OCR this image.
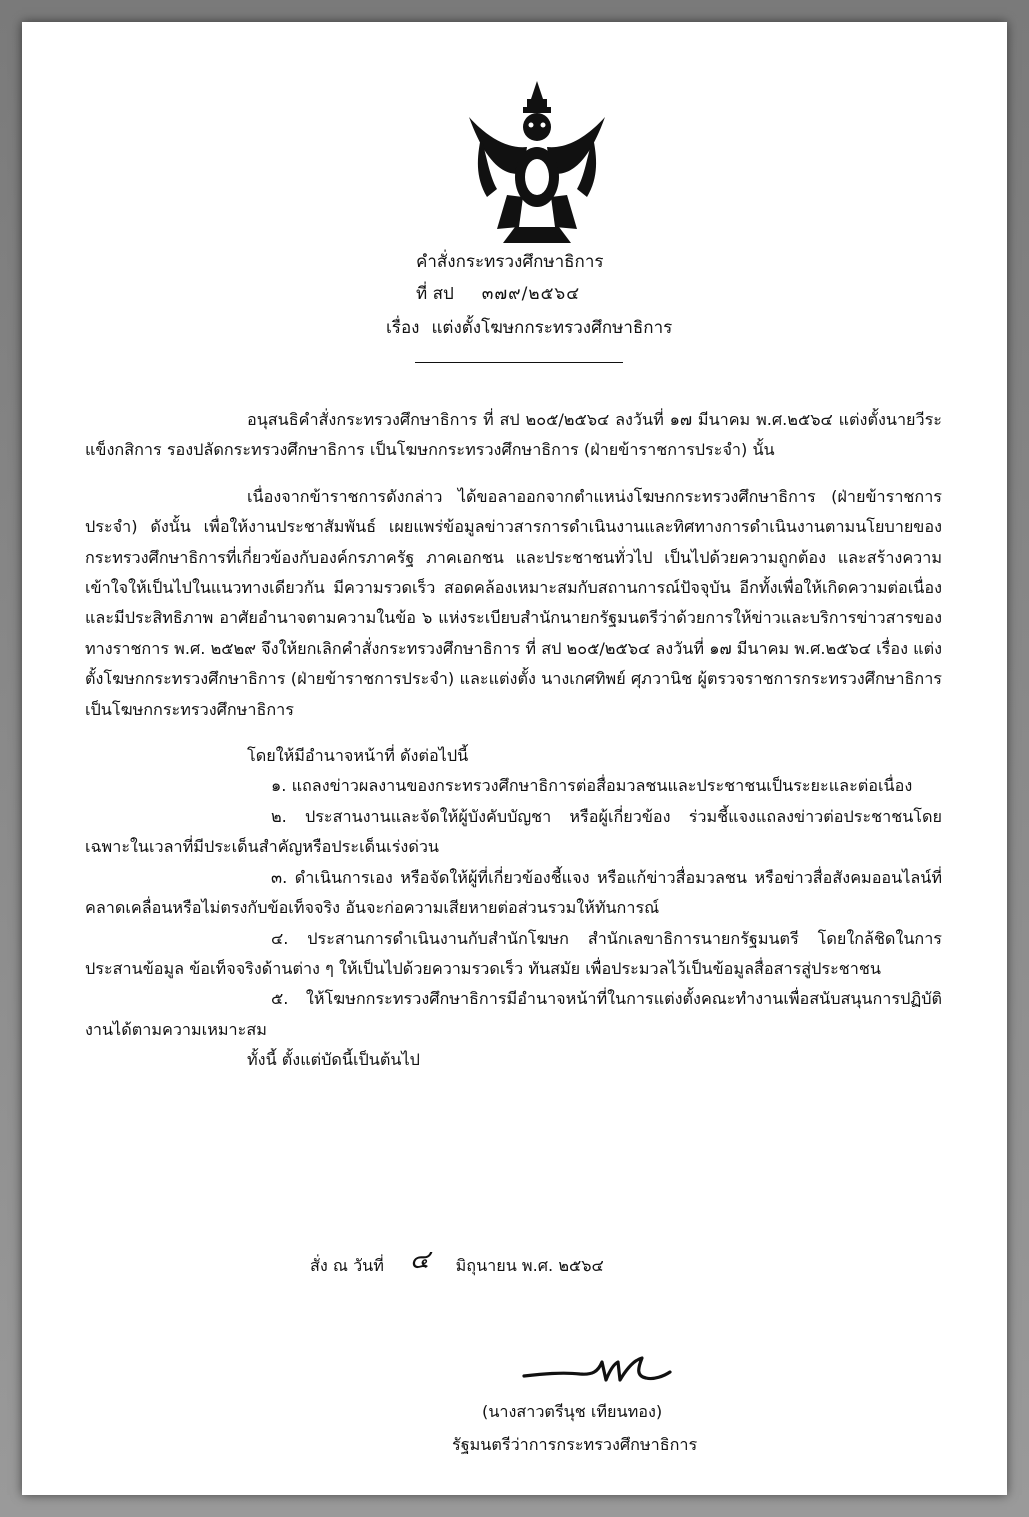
คำสั่งกระทรวงศึกษาธิการ
ที่ สป ๓๗๙/๒๕๖๔
เรื่อง แต่งตั้งโฆษกกระทรวงศึกษาธิการ

อนุสนธิคำสั่งกระทรวงศึกษาธิการ ที่ สป ๒๐๕/๒๕๖๔ ลงวันที่ ๑๗ มีนาคม พ.ศ.๒๕๖๔ แต่งตั้งนายวีระ แข็งกสิการ รองปลัดกระทรวงศึกษาธิการ เป็นโฆษกกระทรวงศึกษาธิการ (ฝ่ายข้าราชการประจำ) นั้น

เนื่องจากข้าราชการดังกล่าว ได้ขอลาออกจากตำแหน่งโฆษกกระทรวงศึกษาธิการ (ฝ่ายข้าราชการประจำ) ดังนั้น เพื่อให้งานประชาสัมพันธ์ เผยแพร่ข้อมูลข่าวสารการดำเนินงานและทิศทางการดำเนินงานตามนโยบายของกระทรวงศึกษาธิการที่เกี่ยวข้องกับองค์กรภาครัฐ ภาคเอกชน และประชาชนทั่วไป เป็นไปด้วยความถูกต้อง และสร้างความเข้าใจให้เป็นไปในแนวทางเดียวกัน มีความรวดเร็ว สอดคล้องเหมาะสมกับสถานการณ์ปัจจุบัน อีกทั้งเพื่อให้เกิดความต่อเนื่องและมีประสิทธิภาพ อาศัยอำนาจตามความในข้อ ๖ แห่งระเบียบสำนักนายกรัฐมนตรีว่าด้วยการให้ข่าวและบริการข่าวสารของทางราชการ พ.ศ. ๒๕๒๙ จึงให้ยกเลิกคำสั่งกระทรวงศึกษาธิการ ที่ สป ๒๐๕/๒๕๖๔ ลงวันที่ ๑๗ มีนาคม พ.ศ.๒๕๖๔ เรื่อง แต่งตั้งโฆษกกระทรวงศึกษาธิการ (ฝ่ายข้าราชการประจำ) และแต่งตั้ง นางเกศทิพย์ ศุภวานิช ผู้ตรวจราชการกระทรวงศึกษาธิการ เป็นโฆษกกระทรวงศึกษาธิการ

โดยให้มีอำนาจหน้าที่ ดังต่อไปนี้

๑. แถลงข่าวผลงานของกระทรวงศึกษาธิการต่อสื่อมวลชนและประชาชนเป็นระยะและต่อเนื่อง

๒. ประสานงานและจัดให้ผู้บังคับบัญชา หรือผู้เกี่ยวข้อง ร่วมชี้แจงแถลงข่าวต่อประชาชนโดยเฉพาะในเวลาที่มีประเด็นสำคัญหรือประเด็นเร่งด่วน

๓. ดำเนินการเอง หรือจัดให้ผู้ที่เกี่ยวข้องชี้แจง หรือแก้ข่าวสื่อมวลชน หรือข่าวสื่อสังคมออนไลน์ที่คลาดเคลื่อนหรือไม่ตรงกับข้อเท็จจริง อันจะก่อความเสียหายต่อส่วนรวมให้ทันการณ์

๔. ประสานการดำเนินงานกับสำนักโฆษก สำนักเลขาธิการนายกรัฐมนตรี โดยใกล้ชิดในการประสานข้อมูล ข้อเท็จจริงด้านต่าง ๆ ให้เป็นไปด้วยความรวดเร็ว ทันสมัย เพื่อประมวลไว้เป็นข้อมูลสื่อสารสู่ประชาชน

๕. ให้โฆษกกระทรวงศึกษาธิการมีอำนาจหน้าที่ในการแต่งตั้งคณะทำงานเพื่อสนับสนุนการปฏิบัติงานได้ตามความเหมาะสม

ทั้งนี้ ตั้งแต่บัดนี้เป็นต้นไป

สั่ง ณ วันที่ ๔ มิถุนายน พ.ศ. ๒๕๖๔
(นางสาวตรีนุช เทียนทอง)
รัฐมนตรีว่าการกระทรวงศึกษาธิการ
